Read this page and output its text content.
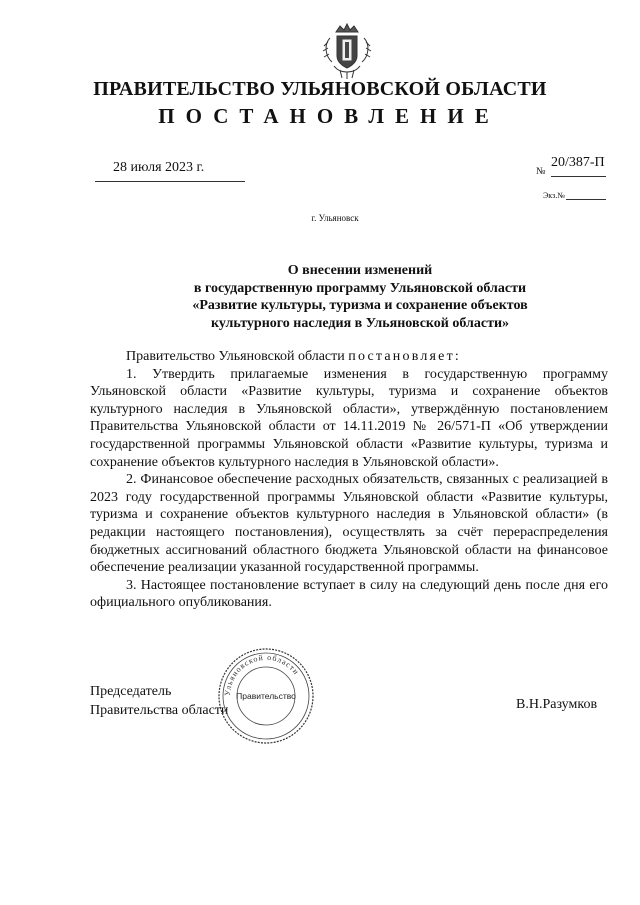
ПРАВИТЕЛЬСТВО УЛЬЯНОВСКОЙ ОБЛАСТИ
ПОСТАНОВЛЕНИЕ
28 июля 2023 г.	№
20/387-П
Экз.№
г. Ульяновск
О внесении изменений
в государственную программу Ульяновской области
«Развитие культуры, туризма и сохранение объектов
культурного наследия в Ульяновской области»

Правительство Ульяновской области постановляет:

1. Утвердить прилагаемые изменения в государственную программу Ульяновской области «Развитие культуры, туризма и сохранение объектов культурного наследия в Ульяновской области», утверждённую постановлением Правительства Ульяновской области от 14.11.2019 № 26/571-П «Об утверждении государственной программы Ульяновской области «Развитие культуры, туризма и сохранение объектов культурного наследия в Ульяновской области».

2. Финансовое обеспечение расходных обязательств, связанных с реализацией в 2023 году государственной программы Ульяновской области «Развитие культуры, туризма и сохранение объектов культурного наследия в Ульяновской области» (в редакции настоящего постановления), осуществлять за счёт перераспределения бюджетных ассигнований областного бюджета Ульяновской области на финансовое обеспечение реализации указанной государственной программы.

3. Настоящее постановление вступает в силу на следующий день после дня его официального опубликования.

Председатель
Правительства области	В.Н.Разумков
Ульяновской области
Правительство
